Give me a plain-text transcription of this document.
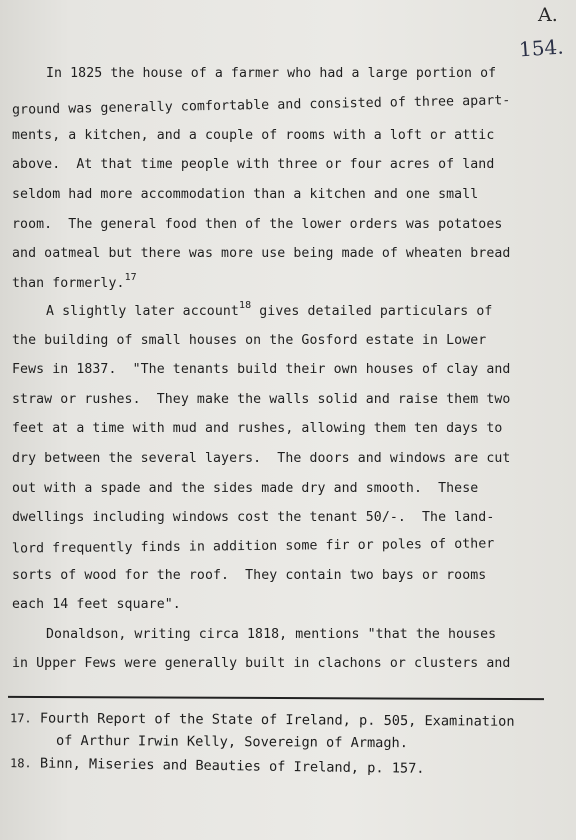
A.
154.
In 1825 the house of a farmer who had a large portion of
ground was generally comfortable and consisted of three apart-
ments, a kitchen, and a couple of rooms with a loft or attic
above.  At that time people with three or four acres of land
seldom had more accommodation than a kitchen and one small
room.  The general food then of the lower orders was potatoes
and oatmeal but there was more use being made of wheaten bread
than formerly.$^{17}$
A slightly later account$^{18}$ gives detailed particulars of
the building of small houses on the Gosford estate in Lower
Fews in 1837.  "The tenants build their own houses of clay and
straw or rushes.  They make the walls solid and raise them two
feet at a time with mud and rushes, allowing them ten days to
dry between the several layers.  The doors and windows are cut
out with a spade and the sides made dry and smooth.  These
dwellings including windows cost the tenant 50/-.  The land-
lord frequently finds in addition some fir or poles of other
sorts of wood for the roof.  They contain two bays or rooms
each 14 feet square".
Donaldson, writing circa 1818, mentions "that the houses
in Upper Fews were generally built in clachons or clusters and
17. Fourth Report of the State of Ireland, p. 505, Examination
of Arthur Irwin Kelly, Sovereign of Armagh.
18. Binn, Miseries and Beauties of Ireland, p. 157.
